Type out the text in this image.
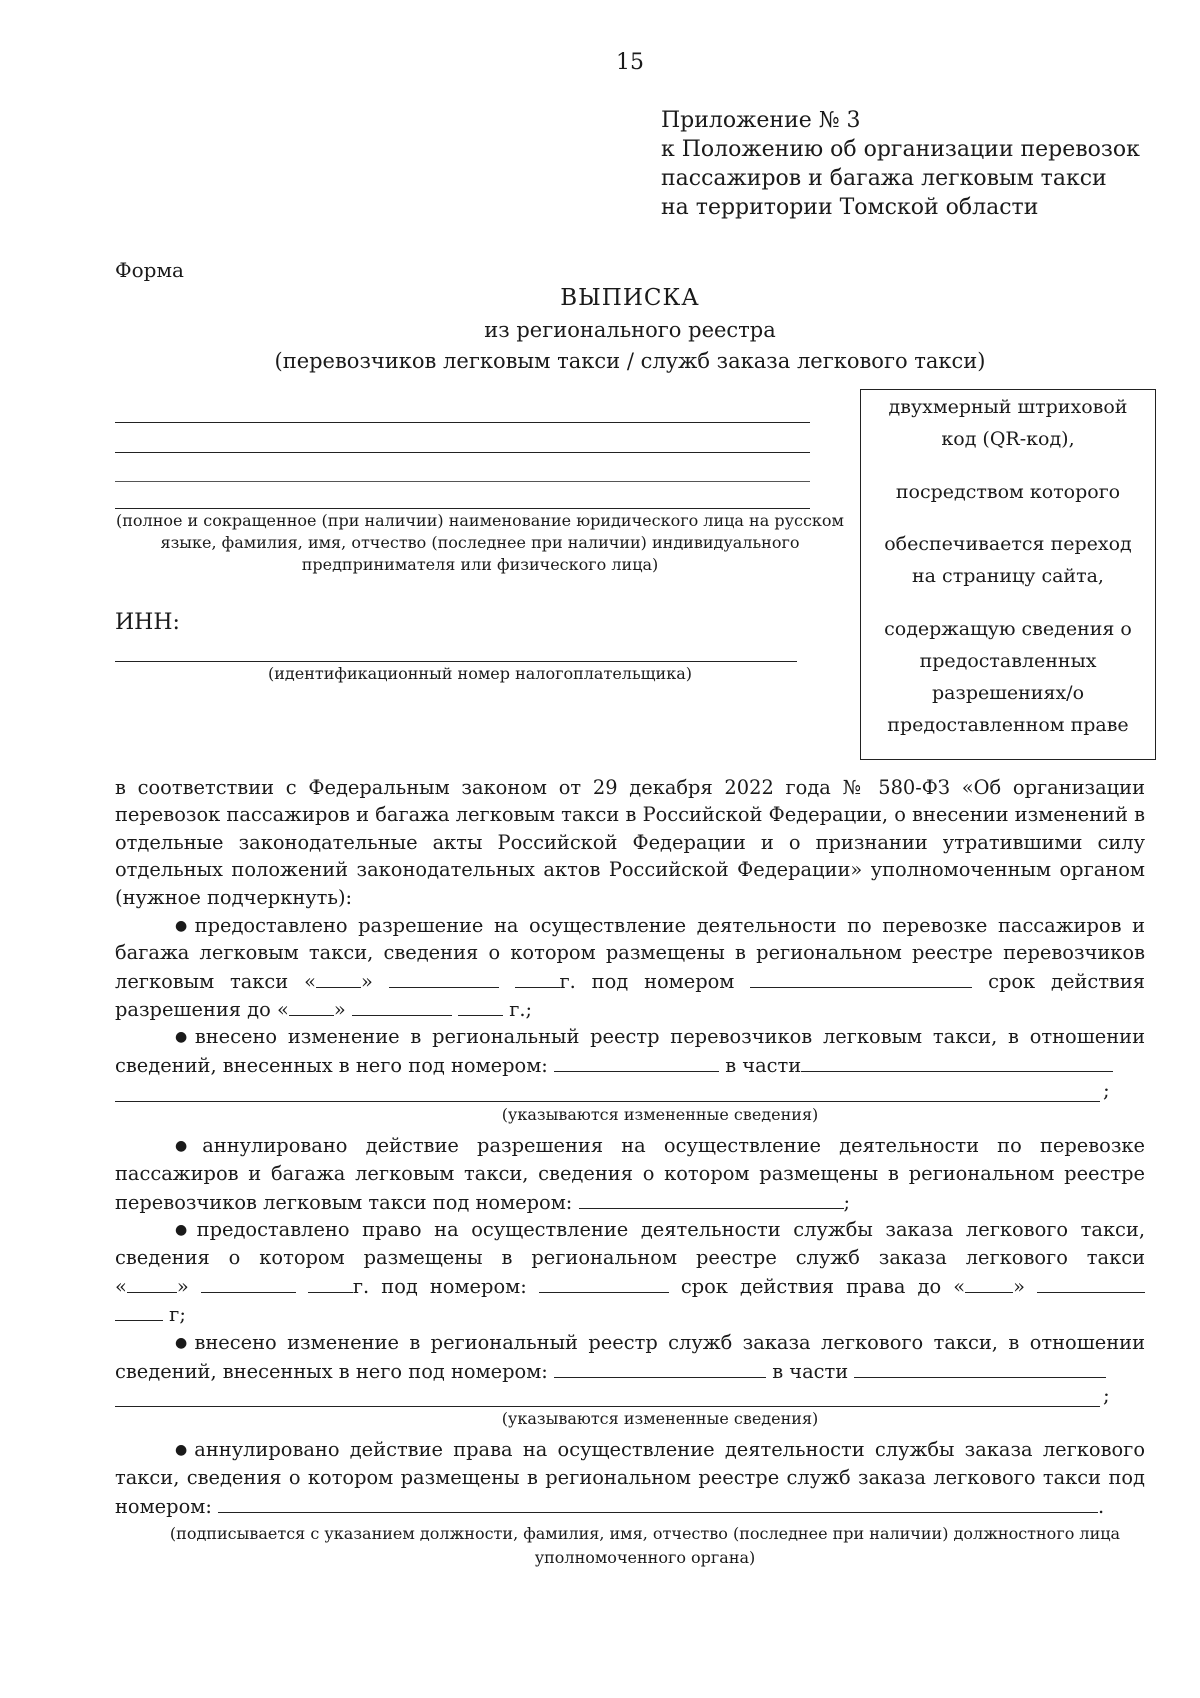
15
Приложение № 3
к Положению об организации перевозок
пассажиров и багажа легковым такси
на территории Томской области
Форма
ВЫПИСКА
из регионального реестра
(перевозчиков легковым такси / служб заказа легкового такси)
(полное и сокращенное (при наличии) наименование юридического лица на русском языке, фамилия, имя, отчество (последнее при наличии) индивидуального предпринимателя или физического лица)
ИНН:
(идентификационный номер налогоплательщика)
двухмерный штриховой
код (QR-код),
посредством которого
обеспечивается переход
на страницу сайта,
содержащую сведения о
предоставленных
разрешениях/о
предоставленном праве
в соответствии с Федеральным законом от 29 декабря 2022 года № 580-ФЗ «Об организации
перевозок пассажиров и багажа легковым такси в Российской Федерации, о внесении изменений в
отдельные законодательные акты Российской Федерации и о признании утратившими силу
отдельных положений законодательных актов Российской Федерации» уполномоченным органом
(нужное подчеркнуть):
● предоставлено разрешение на осуществление деятельности по перевозке пассажиров и
багажа легковым такси, сведения о котором размещены в региональном реестре перевозчиков
легковым такси « »	г. под номером	срок действия
разрешения до « »	г.;
● внесено изменение в региональный реестр перевозчиков легковым такси, в отношении
сведений, внесенных в него под номером:	в части
;
(указываются измененные сведения)
● аннулировано действие разрешения на осуществление деятельности по перевозке
пассажиров и багажа легковым такси, сведения о котором размещены в региональном реестре
перевозчиков легковым такси под номером:	;
● предоставлено право на осуществление деятельности службы заказа легкового такси,
сведения о котором размещены в региональном реестре служб заказа легкового такси
«	»	г. под номером:	срок действия права до « »
г;
● внесено изменение в региональный реестр служб заказа легкового такси, в отношении
сведений, внесенных в него под номером:	в части
;
(указываются измененные сведения)
● аннулировано действие права на осуществление деятельности службы заказа легкового
такси, сведения о котором размещены в региональном реестре служб заказа легкового такси под
номером:	.
(подписывается с указанием должности, фамилия, имя, отчество (последнее при наличии) должностного лица
уполномоченного органа)
